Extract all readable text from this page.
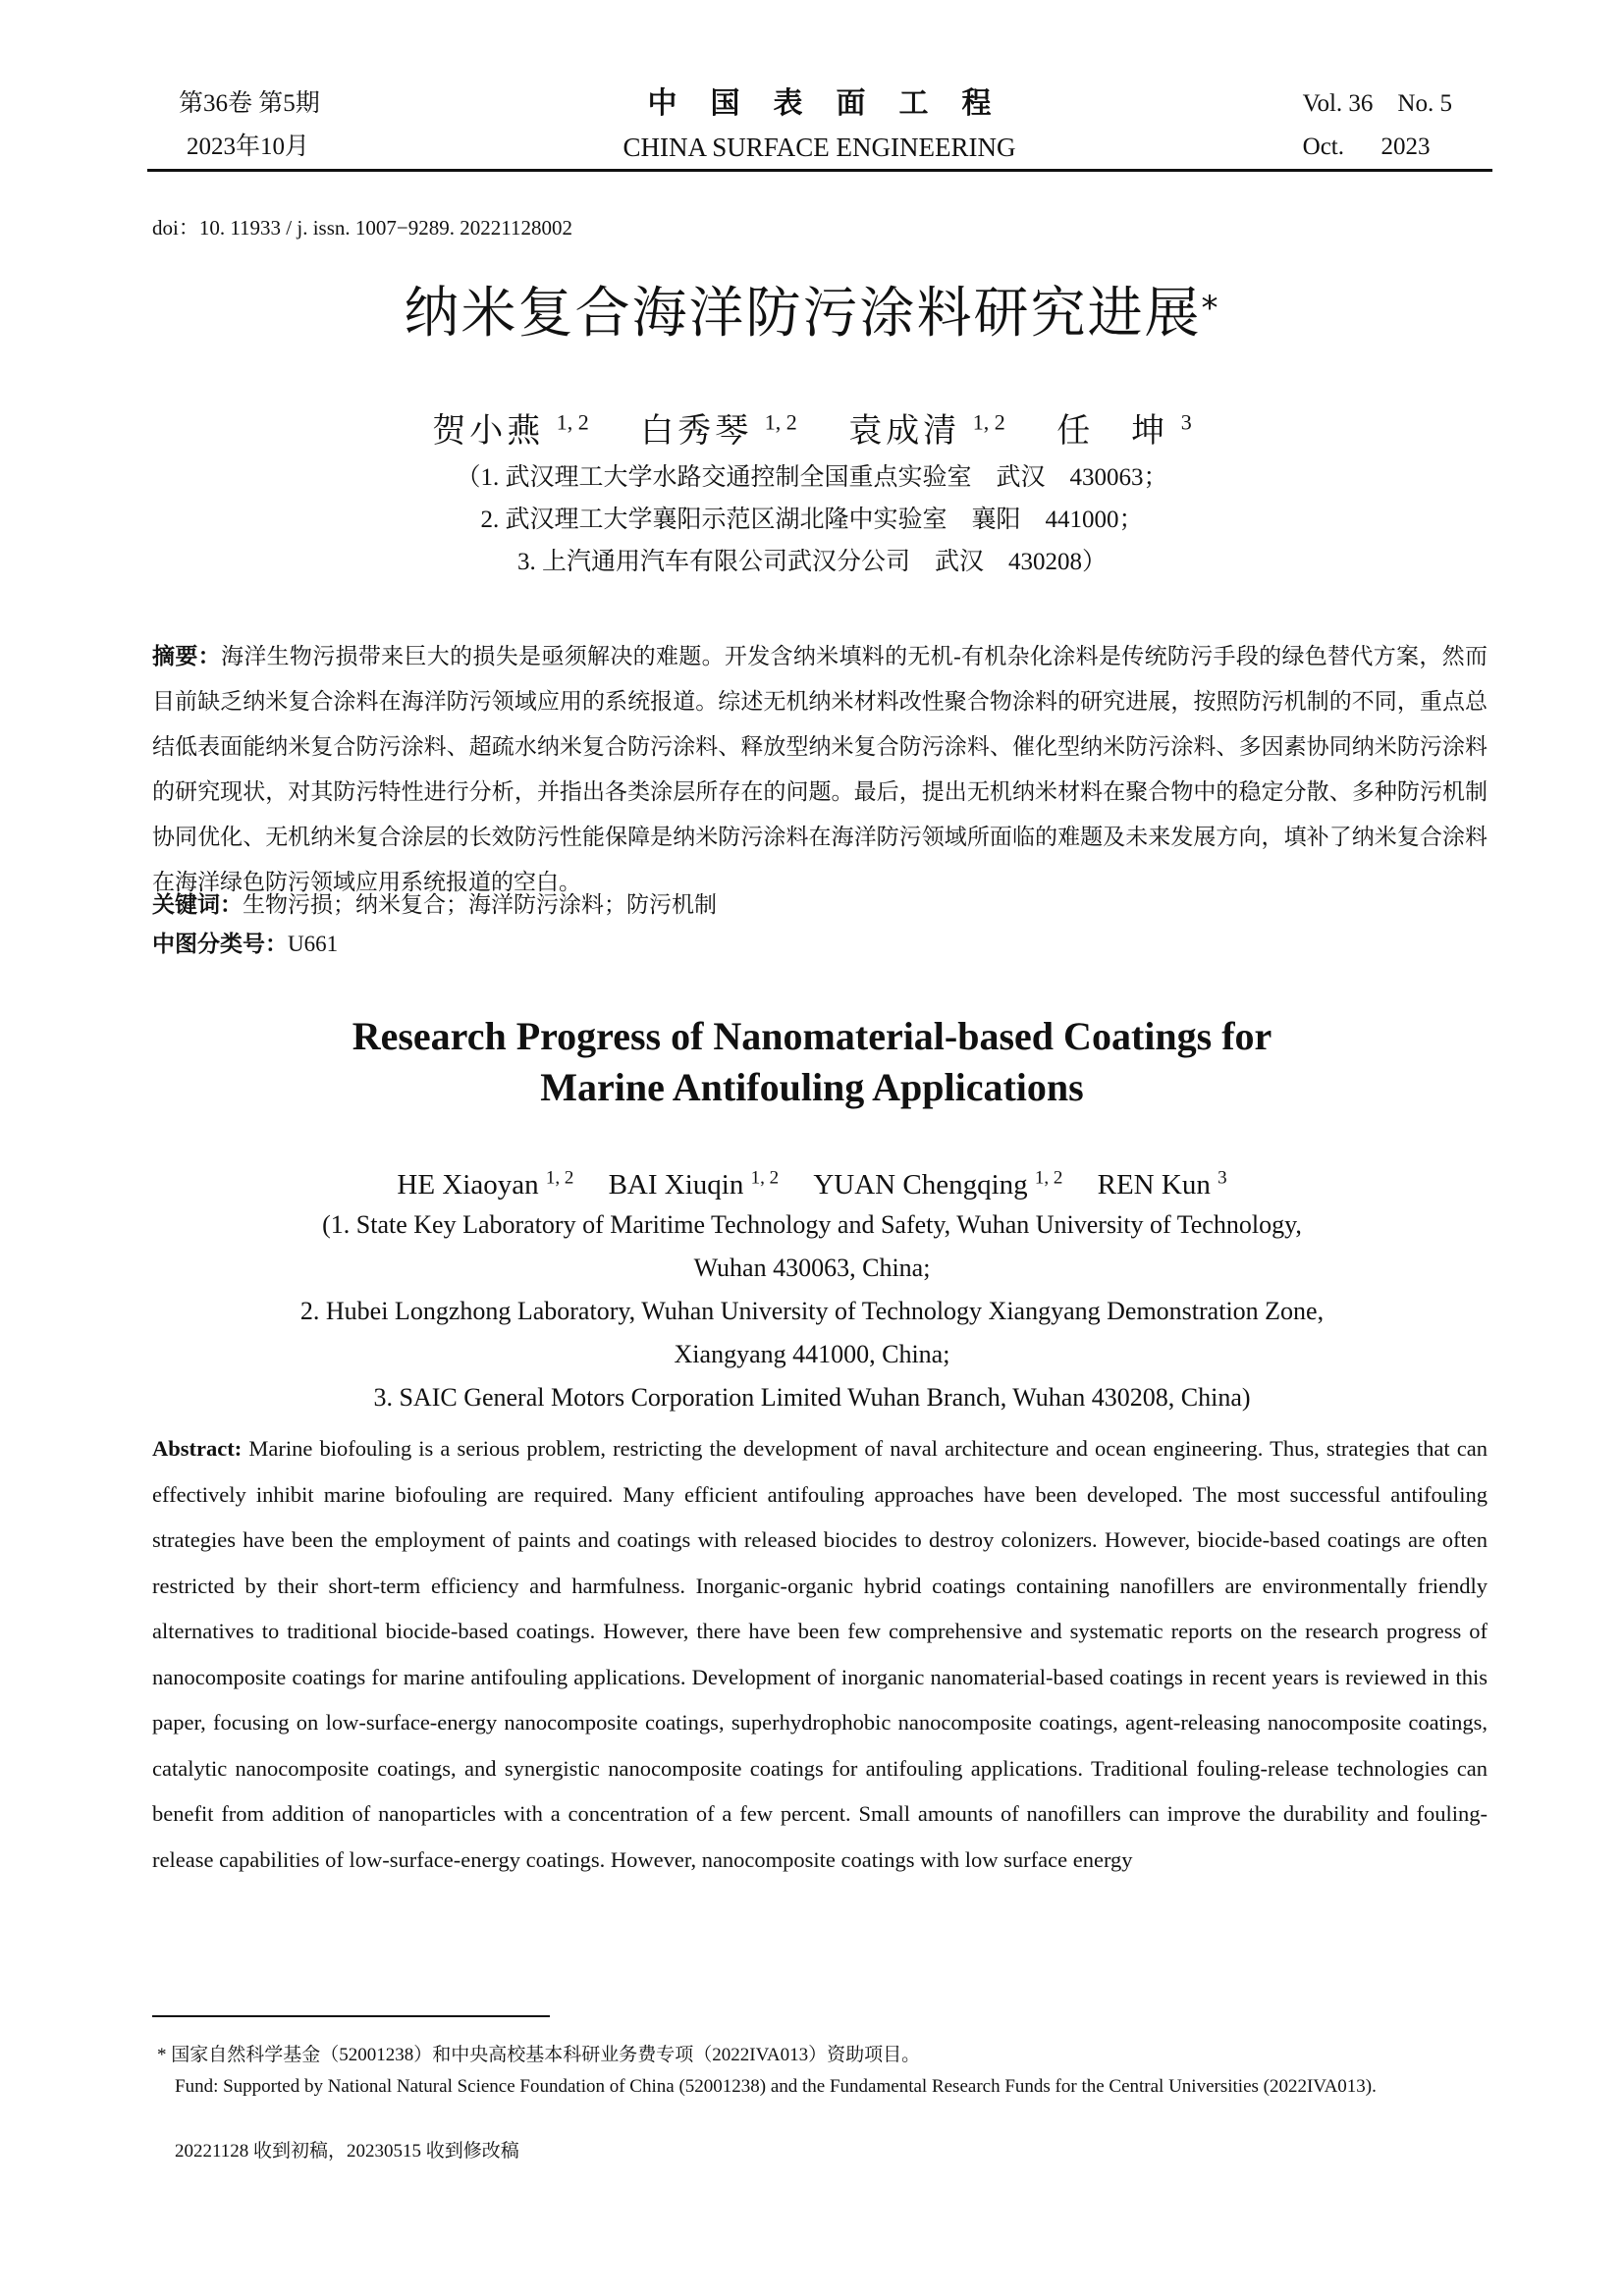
第36卷 第5期
2023年10月
中国表面工程
CHINA SURFACE ENGINEERING
Vol. 36    No. 5
Oct.      2023
doi：10. 11933 / j. issn. 1007−9289. 20221128002
纳米复合海洋防污涂料研究进展*
贺小燕 $^{1, 2}$ 白秀琴 $^{1, 2}$ 袁成清 $^{1, 2}$ 任　坤 $^3$
（1. 武汉理工大学水路交通控制全国重点实验室　武汉　430063；
2. 武汉理工大学襄阳示范区湖北隆中实验室　襄阳　441000；
3. 上汽通用汽车有限公司武汉分公司　武汉　430208）
摘要：海洋生物污损带来巨大的损失是亟须解决的难题。开发含纳米填料的无机-有机杂化涂料是传统防污手段的绿色替代方案，然而目前缺乏纳米复合涂料在海洋防污领域应用的系统报道。综述无机纳米材料改性聚合物涂料的研究进展，按照防污机制的不同，重点总结低表面能纳米复合防污涂料、超疏水纳米复合防污涂料、释放型纳米复合防污涂料、催化型纳米防污涂料、多因素协同纳米防污涂料的研究现状，对其防污特性进行分析，并指出各类涂层所存在的问题。最后，提出无机纳米材料在聚合物中的稳定分散、多种防污机制协同优化、无机纳米复合涂层的长效防污性能保障是纳米防污涂料在海洋防污领域所面临的难题及未来发展方向，填补了纳米复合涂料在海洋绿色防污领域应用系统报道的空白。
关键词：生物污损；纳米复合；海洋防污涂料；防污机制
中图分类号：U661
Research Progress of Nanomaterial-based Coatings for
Marine Antifouling Applications
HE Xiaoyan $^{1, 2}$ BAI Xiuqin $^{1, 2}$ YUAN Chengqing $^{1, 2}$ REN Kun $^3$
(1. State Key Laboratory of Maritime Technology and Safety, Wuhan University of Technology,
Wuhan 430063, China;
2. Hubei Longzhong Laboratory, Wuhan University of Technology Xiangyang Demonstration Zone,
Xiangyang 441000, China;
3. SAIC General Motors Corporation Limited Wuhan Branch, Wuhan 430208, China)
Abstract: Marine biofouling is a serious problem, restricting the development of naval architecture and ocean engineering. Thus, strategies that can effectively inhibit marine biofouling are required. Many efficient antifouling approaches have been developed. The most successful antifouling strategies have been the employment of paints and coatings with released biocides to destroy colonizers. However, biocide-based coatings are often restricted by their short-term efficiency and harmfulness. Inorganic-organic hybrid coatings containing nanofillers are environmentally friendly alternatives to traditional biocide-based coatings. However, there have been few comprehensive and systematic reports on the research progress of nanocomposite coatings for marine antifouling applications. Development of inorganic nanomaterial-based coatings in recent years is reviewed in this paper, focusing on low-surface-energy nanocomposite coatings, superhydrophobic nanocomposite coatings, agent-releasing nanocomposite coatings, catalytic nanocomposite coatings, and synergistic nanocomposite coatings for antifouling applications. Traditional fouling-release technologies can benefit from addition of nanoparticles with a concentration of a few percent. Small amounts of nanofillers can improve the durability and fouling-release capabilities of low-surface-energy coatings. However, nanocomposite coatings with low surface energy
* 国家自然科学基金（52001238）和中央高校基本科研业务费专项（2022IVA013）资助项目。
Fund: Supported by National Natural Science Foundation of China (52001238) and the Fundamental Research Funds for the Central Universities (2022IVA013).
20221128 收到初稿，20230515 收到修改稿
